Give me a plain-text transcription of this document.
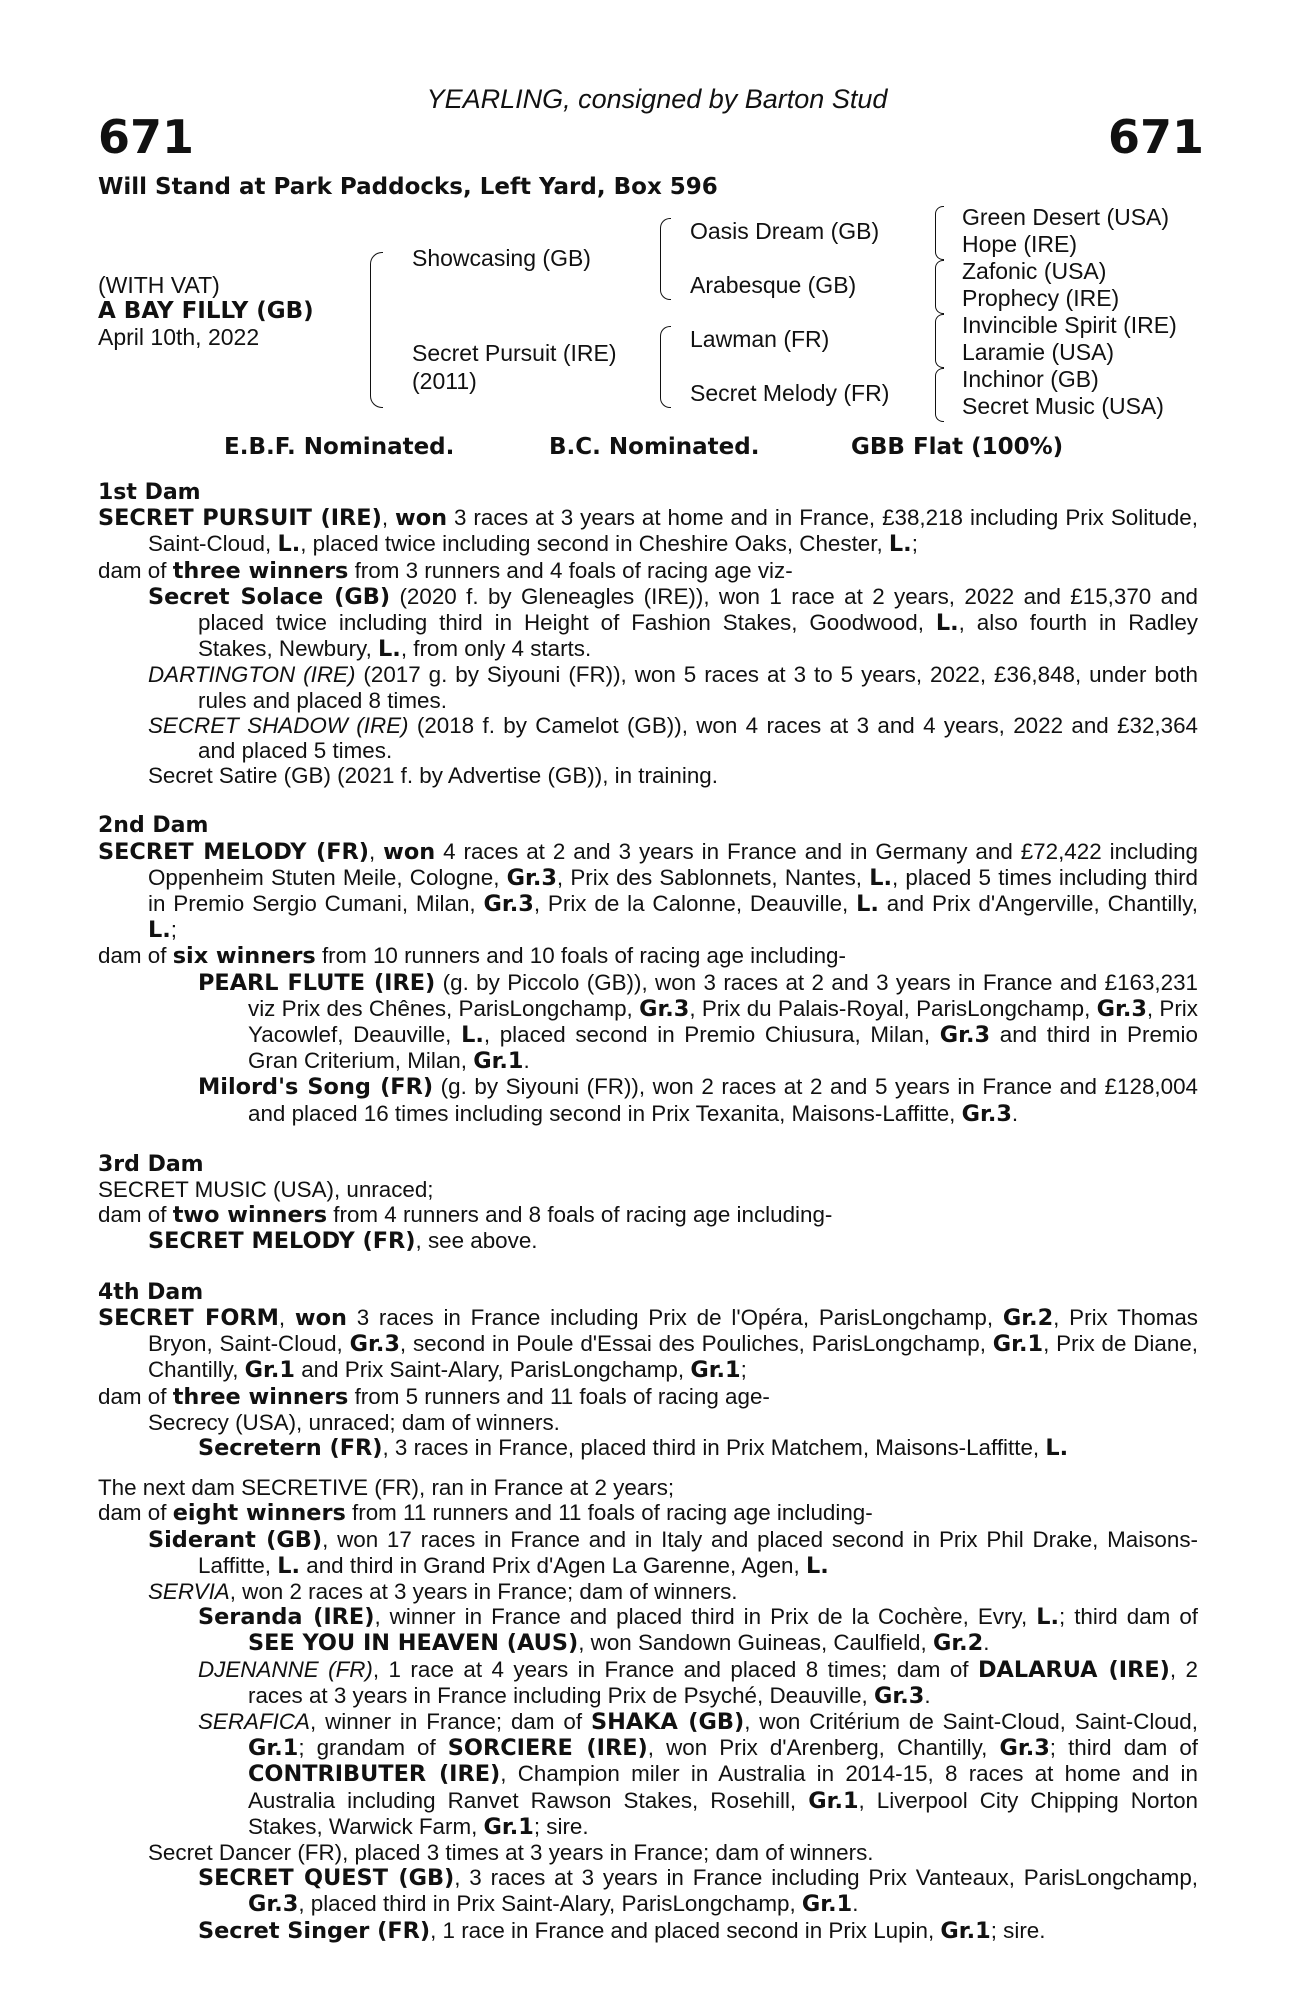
YEARLING, consigned by Barton Stud
671	671
Will Stand at Park Paddocks, Left Yard, Box 596
(WITH VAT)
A BAY FILLY (GB)
April 10th, 2022
Showcasing (GB)
Secret Pursuit (IRE)
(2011)
Oasis Dream (GB)
Arabesque (GB)
Lawman (FR)
Secret Melody (FR)
Green Desert (USA)
Hope (IRE)
Zafonic (USA)
Prophecy (IRE)
Invincible Spirit (IRE)
Laramie (USA)
Inchinor (GB)
Secret Music (USA)
E.B.F. Nominated.	B.C. Nominated.	GBB Flat (100%)

1st Dam

SECRET PURSUIT (IRE), won 3 races at 3 years at home and in France, £38,218 including Prix Solitude, Saint-Cloud, L., placed twice including second in Cheshire Oaks, Chester, L.;

dam of three winners from 3 runners and 4 foals of racing age viz-

Secret Solace (GB) (2020 f. by Gleneagles (IRE)), won 1 race at 2 years, 2022 and £15,370 and placed twice including third in Height of Fashion Stakes, Goodwood, L., also fourth in Radley Stakes, Newbury, L., from only 4 starts.

DARTINGTON (IRE) (2017 g. by Siyouni (FR)), won 5 races at 3 to 5 years, 2022, £36,848, under both rules and placed 8 times.

SECRET SHADOW (IRE) (2018 f. by Camelot (GB)), won 4 races at 3 and 4 years, 2022 and £32,364 and placed 5 times.

Secret Satire (GB) (2021 f. by Advertise (GB)), in training.

2nd Dam

SECRET MELODY (FR), won 4 races at 2 and 3 years in France and in Germany and £72,422 including Oppenheim Stuten Meile, Cologne, Gr.3, Prix des Sablonnets, Nantes, L., placed 5 times including third in Premio Sergio Cumani, Milan, Gr.3, Prix de la Calonne, Deauville, L. and Prix d'Angerville, Chantilly, L.;

dam of six winners from 10 runners and 10 foals of racing age including-

PEARL FLUTE (IRE) (g. by Piccolo (GB)), won 3 races at 2 and 3 years in France and £163,231 viz Prix des Chênes, ParisLongchamp, Gr.3, Prix du Palais-Royal, ParisLongchamp, Gr.3, Prix Yacowlef, Deauville, L., placed second in Premio Chiusura, Milan, Gr.3 and third in Premio Gran Criterium, Milan, Gr.1.

Milord's Song (FR) (g. by Siyouni (FR)), won 2 races at 2 and 5 years in France and £128,004 and placed 16 times including second in Prix Texanita, Maisons-Laffitte, Gr.3.

3rd Dam

SECRET MUSIC (USA), unraced;

dam of two winners from 4 runners and 8 foals of racing age including-

SECRET MELODY (FR), see above.

4th Dam

SECRET FORM, won 3 races in France including Prix de l'Opéra, ParisLongchamp, Gr.2, Prix Thomas Bryon, Saint-Cloud, Gr.3, second in Poule d'Essai des Pouliches, ParisLongchamp, Gr.1, Prix de Diane, Chantilly, Gr.1 and Prix Saint-Alary, ParisLongchamp, Gr.1;

dam of three winners from 5 runners and 11 foals of racing age-

Secrecy (USA), unraced; dam of winners.

Secretern (FR), 3 races in France, placed third in Prix Matchem, Maisons-Laffitte, L.

The next dam SECRETIVE (FR), ran in France at 2 years;

dam of eight winners from 11 runners and 11 foals of racing age including-

Siderant (GB), won 17 races in France and in Italy and placed second in Prix Phil Drake, Maisons-Laffitte, L. and third in Grand Prix d'Agen La Garenne, Agen, L.

SERVIA, won 2 races at 3 years in France; dam of winners.

Seranda (IRE), winner in France and placed third in Prix de la Cochère, Evry, L.; third dam of SEE YOU IN HEAVEN (AUS), won Sandown Guineas, Caulfield, Gr.2.

DJENANNE (FR), 1 race at 4 years in France and placed 8 times; dam of DALARUA (IRE), 2 races at 3 years in France including Prix de Psyché, Deauville, Gr.3.

SERAFICA, winner in France; dam of SHAKA (GB), won Critérium de Saint-Cloud, Saint-Cloud, Gr.1; grandam of SORCIERE (IRE), won Prix d'Arenberg, Chantilly, Gr.3; third dam of CONTRIBUTER (IRE), Champion miler in Australia in 2014-15, 8 races at home and in Australia including Ranvet Rawson Stakes, Rosehill, Gr.1, Liverpool City Chipping Norton Stakes, Warwick Farm, Gr.1; sire.

Secret Dancer (FR), placed 3 times at 3 years in France; dam of winners.

SECRET QUEST (GB), 3 races at 3 years in France including Prix Vanteaux, ParisLongchamp, Gr.3, placed third in Prix Saint-Alary, ParisLongchamp, Gr.1.

Secret Singer (FR), 1 race in France and placed second in Prix Lupin, Gr.1; sire.
